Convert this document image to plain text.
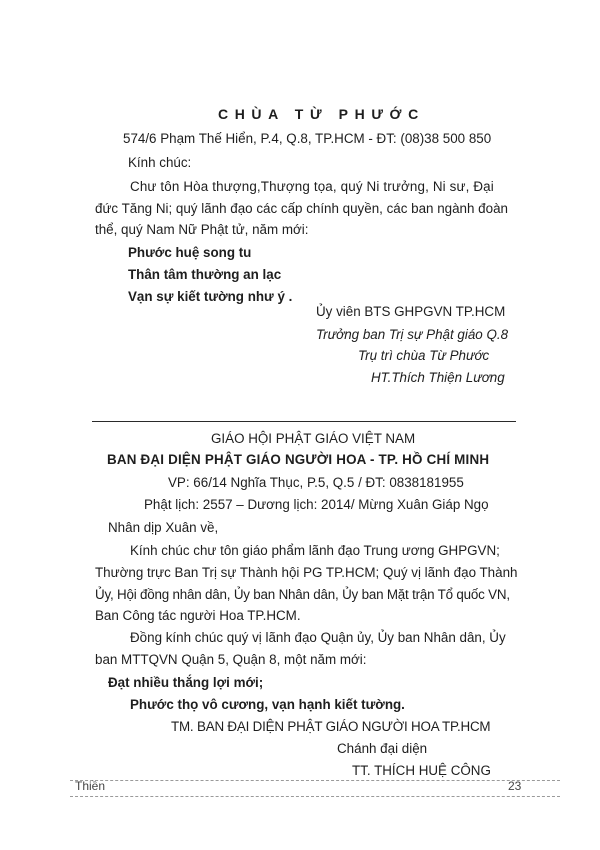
CHÙA TỪ PHƯỚC
574/6 Phạm Thế Hiển, P.4, Q.8, TP.HCM - ĐT: (08)38 500 850
Kính chúc:
Chư tôn Hòa thượng,Thượng tọa, quý Ni trưởng, Ni sư, Đại
đức Tăng Ni; quý lãnh đạo các cấp chính quyền, các ban ngành đoàn
thể, quý Nam Nữ Phật tử, năm mới:
Phước huệ song tu
Thân tâm thường an lạc
Vạn sự kiết tường như ý .
Ủy viên BTS GHPGVN TP.HCM
Trưởng ban Trị sự Phật giáo Q.8
Trụ trì chùa Từ Phước
HT.Thích Thiện Lương
GIÁO HỘI PHẬT GIÁO VIỆT NAM
BAN ĐẠI DIỆN PHẬT GIÁO NGƯỜI HOA - TP. HỒ CHÍ MINH
VP: 66/14 Nghĩa Thục, P.5, Q.5 / ĐT: 0838181955
Phật lịch: 2557 – Dương lịch: 2014/ Mừng Xuân Giáp Ngọ
Nhân dịp Xuân về,
Kính chúc chư tôn giáo phẩm lãnh đạo Trung ương GHPGVN;
Thường trực Ban Trị sự Thành hội PG TP.HCM; Quý vị lãnh đạo Thành
Ủy, Hội đồng nhân dân, Ủy ban Nhân dân, Ủy ban Mặt trận Tổ quốc VN,
Ban Công tác người Hoa TP.HCM.
Đồng kính chúc quý vị lãnh đạo Quận ủy, Ủy ban Nhân dân, Ủy
ban MTTQVN Quận 5, Quận 8, một năm mới:
Đạt nhiều thắng lợi mới;
Phước thọ vô cương, vạn hạnh kiết tường.
TM. BAN ĐẠI DIỆN PHẬT GIÁO NGƯỜI HOA TP.HCM
Chánh đại diện
TT. THÍCH HUỆ CÔNG
Thiền	23
